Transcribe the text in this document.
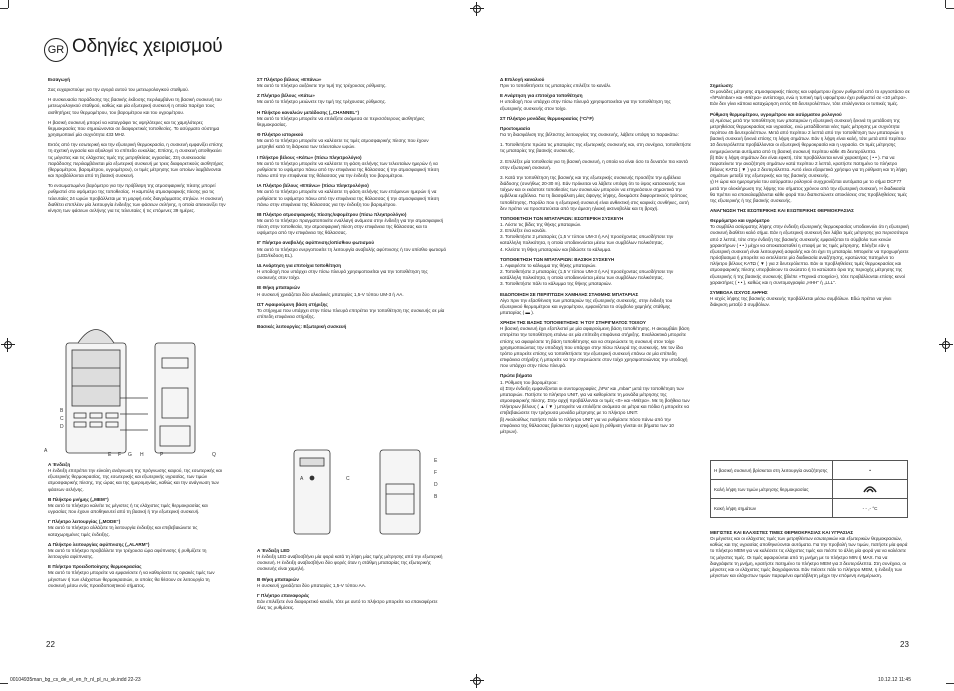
GR Οδηγίες χειρισμού

Εισαγωγή

Σας ευχαριστούμε για την αγορά αυτού του μετεωρολογικού σταθμού.

Η συσκευασία παράδοσης της βασικής έκδοσης περιλαμβάνει τη βασική συσκευή του μετεωρολογικού σταθμού, καθώς και μία εξωτερική συσκευή η οποία παρέχει τους αισθητήρες του θερμομέτρου, του βαρομέτρου και του υγρομέτρου.

Η βασική συσκευή μπορεί να καταγράφει τις υψηλότερες και τις χαμηλότερες θερμοκρασίες που σημειώνονται σε διαφορετικές τοποθεσίες. Το ασύρματο σύστημα χρησιμοποιεί μία συχνότητα 433 MHz.

Εκτός από την εσωτερική και την εξωτερική θερμοκρασία, η συσκευή εμφανίζει επίσης τη σχετική υγρασία και αξιολογεί το επίπεδο ευκολίας. Επίσης, η συσκευή αποθηκεύει τις μέγιστες και τις ελάχιστες τιμές της μετρηθείσας υγρασίας. Στη συσκευασία παράδοσης περιλαμβάνεται μία εξωτερική συσκευή με τρεις διαφορετικούς αισθητήρες (θερμομέτρου, βαρομέτρου, υγρομέτρου), οι τιμές μέτρησης των οποίων λαμβάνονται και προβάλλονται από τη βασική συσκευή.

Το ενσωματωμένο βαρόμετρο για την πρόβλεψη της ατμοσφαιρικής πίεσης μπορεί ρυθμιστεί στο υψόμετρο της τοποθεσίας. Η καμπύλη ατμοσφαιρικής πίεσης για τις τελευταίες 24 ωρών προβάλλεται με τη μορφή ενός διαγράμματος στηλών. Η συσκευή διαθέτει επιπλέον μία λειτουργία ένδειξης των φάσεων σελήνης, η οποία απεικονίζει την κίνηση των φάσεων σελήνης για τις τελευταίες ή τις επόμενες 39 ημέρες.

A
B
C
D
E F G H	P	Q

Α Ένδειξη
Η ένδειξη επιτρέπει την εύκολη ανάγνωση της πρόγνωσης καιρού, της εσωτερικής και εξωτερικής θερμοκρασίας, της εσωτερικής και εξωτερικής υγρασίας, των τιμών ατμοσφαιρικής πίεσης, της ώρας και της ημερομηνίας, καθώς και την ανάγνωση των φάσεων σελήνης.

Β Πλήκτρο μνήμης („MEM“)
Με αυτό το πλήκτρο καλείτε τις μέγιστες ή τις ελάχιστες τιμές θερμοκρασίας και υγρασίας που έχουν αποθηκευτεί από τη βασική ή την εξωτερική συσκευή.

Γ Πλήκτρο λειτουργίας („MODE“)
Με αυτό το πλήκτρο αλλάζετε τη λειτουργία ένδειξης και επιβεβαιώνετε τις καταχωρημένες τιμές ένδειξης.

Δ Πλήκτρο λειτουργίας αφύπνισης („ALARM“)
Με αυτό το πλήκτρο προβάλλετε την τρέχουσα ώρα αφύπνισης ή ρυθμίζετε τη λειτουργία αφύπνισης.

Ε Πλήκτρο προειδοποίησης θερμοκρασίας
Με αυτό το πλήκτρο μπορείτε να εμφανίσετε ή να καθορίσετε τις οριακές τιμές των μέγιστων ή των ελάχιστων θερμοκρασιών, οι οποίες θα θέσουν σε λειτουργία τη συσκευή μέσω ενός προειδοποιητικού σήματος.

ΣΤ Πλήκτρο βέλους «Επάνω»
Με αυτό το πλήκτρο αυξάνετε την τιμή της τρέχουσας ρύθμισης.

Ζ Πλήκτρο βέλους «Κάτω»
Με αυτό το πλήκτρο μειώνετε την τιμή της τρέχουσας ρύθμισης.

Η Πλήκτρο καναλιών μετάδοσης („CHANNEL“)
Με αυτό το πλήκτρο μπορείτε να επιλέξετε ανάμεσα σε περισσότερους αισθητήρες θερμοκρασίας.

Θ Πλήκτρο ιστορικού
Με αυτό το πλήκτρο μπορείτε να καλέσετε τις τιμές ατμοσφαιρικής πίεσης που έχουν μετρηθεί κατά τη διάρκεια των τελευταίων ωρών.

Ι Πλήκτρο βέλους «Κάτω» (πίσω πληκτρολόγιο)
Με αυτό το πλήκτρο μπορείτε να καλέσετε τη φάση σελήνης των τελευταίων ημερών ή να ρυθμίσετε το υψόμετρο πάνω από την επιφάνεια της θάλασσας ή την ατμοσφαιρική πίεση πάνω από την επιφάνεια της θάλασσας για την ένδειξη του βαρομέτρου.

ΙΑ Πλήκτρο βέλους «Επάνω» (πίσω πληκτρολόγιο)
Με αυτό το πλήκτρο μπορείτε να καλέσετε τη φάση σελήνης των επόμενων ημερών ή να ρυθμίσετε το υψόμετρο πάνω από την επιφάνεια της θάλασσας ή την ατμοσφαιρική πίεση πάνω στην επιφάνεια της θάλασσας για την ένδειξη του βαρομέτρου.

ΙΒ Πλήκτρο ατμοσφαιρικής πίεσης/υψομέτρου (πίσω πληκτρολόγιο)
Με αυτό το πλήκτρο πραγματοποιείτε εναλλαγή ανάμεσα στην ένδειξη για την ατμοσφαιρική πίεση στην τοποθεσία, την ατμοσφαιρική πίεση στην επιφάνεια της θάλασσας και το υψόμετρο από την επιφάνεια της θάλασσας.

ΙΓ Πλήκτρο αναβολής αφύπνισης/οπίσθιου φωτισμού
Με αυτό το πλήκτρο ενεργοποιείτε τη λειτουργία αναβολής αφύπνισης ή τον οπίσθιο φωτισμό (LED/έκδοση EL).

ΙΔ Ανάρτηση για επιτοίχια τοποθέτηση
Η υποδοχή που υπάρχει στην πίσω πλευρά χρησιμοποιείται για την τοποθέτηση της συσκευής στον τοίχο.

ΙΕ Θήκη μπαταριών
Η συσκευή χρειάζεται δύο αλκαλικές μπαταρίες 1,5-V τύπου UM-3 ή AA.

ΙΣΤ Αφαιρούμενη βάση στήριξης
Το στήριγμα που υπάρχει στην πίσω πλευρά επιτρέπει την τοποθέτηση της συσκευής σε μία επίπεδη επιφάνεια στήριξης.

Βασικές λειτουργίες: Εξωτερική συσκευή

A	C
E
F
D
B

Α Ένδειξη LED
Η ένδειξη LED αναβοσβήνει μία φορά κατά τη λήψη μίας τιμής μέτρησης από την εξωτερική συσκευή. Η ένδειξη αναβοσβήνει δύο φορές όταν η στάθμη μπαταρίας της εξωτερικής συσκευής είναι χαμηλή.

Β Θήκη μπαταριών
Η συσκευή χρειάζεται δύο μπαταρίες 1,5-V τύπου ΑΑ.

Γ Πλήκτρο επαναφοράς
Εάν επιλέξετε ένα διαφορετικό κανάλι, τότε με αυτό το πλήκτρο μπορείτε να επαναφέρετε όλες τις ρυθμίσεις.

Δ Επιλογή καναλιού
Πριν το τοποθετήσετε τις μπαταρίες επιλέξτε το κανάλι.

Ε Ανάρτηση για επιτοίχια τοποθέτηση
Η υποδοχή που υπάρχει στην πίσω πλευρά χρησιμοποιείται για την τοποθέτηση της εξωτερικής συσκευής στον τοίχο.

ΣΤ Πλήκτρο μονάδας θερμοκρασίας (°C/°F)

Προετοιμασία
Για τη διασφάλιση της βέλτιστης λειτουργίας της συσκευής, λάβετε υπόψη τα παρακάτω:

1. Τοποθετήστε πρώτα τις μπαταρίες της εξωτερικής συσκευής και, στη συνέχεια, τοποθετήστε τις μπαταρίες της βασικής συσκευής.

2. Επιλέξτε μία τοποθεσία για τη βασική συσκευή, η οποία να είναι όσο το δυνατόν πιο κοντά στην εξωτερική συσκευή.

3. Κατά την τοποθέτηση της βασικής και της εξωτερικής συσκευής προσέξτε την εμβέλεια διάδοσης (συνήθως 20-30 m). Εάν πρόκειται να λάβετε υπόψη ότι το ύψος κατασκευής των τοίχων και οι εκάστοτε τοποθεσίες των συσκευών μπορούν να επηρεάσουν σημαντικά την εμβέλεια εμβέλεια. Για τη διασφάλιση μίας άψογης λήψης, δοκιμάστε διαφορετικούς τρόπους τοποθέτησης. Παρόλο που η εξωτερική συσκευή είναι ανθεκτική στις καιρικές συνθήκες, αυτή δεν πρέπει να προστατεύεται από την άμεση ηλιακή ακτινοβολία και τη βροχή.

ΤΟΠΟΘΕΤΗΣΗ ΤΩΝ ΜΠΑΤΑΡΙΩΝ: ΕΣΩΤΕΡΙΚΗ ΣΥΣΚΕΥΗ
1. Λύστε τις βίδες της θήκης μπαταριών.
2. Επιλέξτε ένα κανάλι.
3. Τοποθετήστε 2 μπαταρίες (1,5 V τύπου UM-3 ή ΑΑ) προσέχοντας οπωσδήποτε την καταλληλη πολικότητα, η οποία υποδεικνύεται μέσω των συμβόλων πολικότητας.
4. Κλείστε τη θήκη μπαταριών και βιδώστε το κάλυμμα.

ΤΟΠΟΘΕΤΗΣΗ ΤΩΝ ΜΠΑΤΑΡΙΩΝ: ΒΑΣΙΚΗ ΣΥΣΚΕΥΗ
1. Αφαιρέστε το κάλυμμα της θήκης μπαταριών.
2. Τοποθετήστε 2 μπαταρίες (1,5 V τύπου UM-3 ή ΑΑ) προσέχοντας οπωσδήποτε την κατάλληλη πολικότητα, η οποία υποδεικνύεται μέσω των συμβόλων πολικότητας.
3. Τοποθετήστε πάλι το κάλυμμα της θήκης μπαταριών.

ΕΙΔΟΠΟΙΗΣΗ ΣΕ ΠΕΡΙΠΤΩΣΗ ΧΑΜΗΛΗΣ ΣΤΑΘΜΗΣ ΜΠΑΤΑΡΙΑΣ
Λίγο πριν την εξασθένιση των μπαταριών της εξωτερικής συσκευής, στην ένδειξη του εξωτερικού θερμομέτρου και υγρομέτρου, εμφανίζεται το σύμβολο χαμηλής στάθμης μπαταρίας ( ▬ ).

ΧΡΗΣΗ ΤΗΣ ΒΑΣΗΣ ΤΟΠΟΘΕΤΗΣΗΣ Ή ΤΟΥ ΣΤΗΡΙΓΜΑΤΟΣ ΤΟΙΧΟΥ
Η βασική συσκευή έχει εξοπλιστεί με μία αφαιρούμενη βάση τοποθέτησης. Η ακουμβάει βάση επιτρέπει την τοποθέτηση επάνω σε μία επίπεδη επιφάνεια στήριξης. Εναλλακτικά μπορείτε επίσης να αφαιρέσετε τη βάση τοποθέτησης και να στερεώσετε τη συσκευή στον τοίχο χρησιμοποιώντας την υποδοχή που υπάρχει στην πίσω πλευρά της συσκευής. Με τον ίδιο τρόπο μπορείτε επίσης να τοποθετήσετε την εξωτερική συσκευή επάνω σε μία επίπεδη επιφάνεια στήριξης ή μπορείτε να την στερεώσετε στον τοίχο χρησιμοποιώντας την υποδοχή που υπάρχει στην πίσω πλευρά.

Πρώτα βήματα
1. Ρύθμιση του βαρομέτρου:
α) Στην ένδειξη εμφανίζονται οι συντομογραφίες „hPa“ και „mbar“ μετά την τοποθέτηση των μπαταριών. Πατήστε το πλήκτρο UNIT, για να καθορίσετε τη μονάδα μέτρησης της ατμοσφαιρικής πίεσης. Στην αρχή προβάλλονται οι τιμές «0» και «Μέτρα». Με τη βοήθεια των πλήκτρων βέλους ( ▲ / ▼ ) μπορείτε να επιλέξετε ανάμεσα σε μέτρα και πόδια ή μπορείτε να επιβεβαιώσετε την τρέχουσα μονάδα μέτρησης με το πλήκτρο UNIT.
β) Ακολούθως πατήστε πάλι το πλήκτρο UNIT για να ρυθμίσετε πόσο πάνω από την επιφάνεια της θάλασσας βρίσκεται η αρχική ώρα (η ρύθμιση γίνεται σε βήματα των 10 μέτρων).

Σημείωση:
Οι μονάδες μέτρησης ατμοσφαιρικής πίεσης και υψόμετρου έχουν ρυθμιστεί από το εργοστάσιο σε «hPa/mbar» και «Μέτρα» αντίστοιχα, ενώ η τυπική τιμή υψομέτρου έχει ρυθμιστεί σε «10 μέτρα». Εάν δεν γίνει κάποια καταχώρηση εντός 60 δευτερολέπτων, τότε επιλέγονται οι τυπικές τιμές.

Ρύθμιση θερμομέτρου, υγρομέτρου και ασύρματου ρολογιού
α) Αμέσως μετά την τοποθέτηση των μπαταριών η εξωτερική συσκευή ξεκινά τη μετάδοση της μετρηθείσας θερμοκρασίας και υγρασίας, ενώ μεταδίδονται νέες τιμές μέτρησης με συχνότητα περίπου 45 δευτερολέπτων. Μετά από περίπου 2 λεπτά από την τοποθέτηση των μπαταριών η βασική συσκευή ξεκινά επίσης τη λήψη σημάτων. Εάν η λήψη είναι καλή, τότε μετά από περίπου 10 δευτερόλεπτα προβάλλονται οι εξωτερική θερμοκρασία και η υγρασία. Οι τιμές μέτρησης ενημερώνονται αυτόματα από τη βασική συσκευή περίπου κάθε 45 δευτερόλεπτα.
β) Εάν η λήψη σημάτων δεν είναι εφικτή, τότε προβάλλονται κενοί χαρακτήρες ( • • ). Για να παρατείνετε την αναζήτηση σημάτων κατά περίπου 2 λεπτά, κρατήστε πατημένο το πλήκτρο βέλους ΚΑΤΩ ( ▼ ) για 2 δευτερόλεπτα. Αυτό είναι εξαιρετικά χρήσιμο για τη ρύθμιση και τη λήψη σημάτων μεταξύ της εξωτερικής και της βασικής συσκευής.
γ) Η ώρα και ημερομηνία του ασύρματου ρολογιού συγχρονίζεται αυτόματα με το σήμα DCF77 μετά την ολοκλήρωση της λήψης του σήματος χρόνου από την εξωτερική συσκευή. Η διαδικασία θα πρέπει να επαναλαμβάνεται κάθε φορά που διαπιστώνετε αποκλίσεις στις προβληθείσες τιμές της εξωτερικής ή της βασικής συσκευής.

ΑΝΑΓΝΩΣΗ ΤΗΣ ΕΣΩΤΕΡΙΚΗΣ ΚΑΙ ΕΞΩΤΕΡΙΚΗΣ ΘΕΡΜΟΚΡΑΣΙΑΣ

Θερμόμετρο και υγρόμετρο
Το συμβόλο ασύρματης λήψης στην ένδειξη εξωτερικής θερμοκρασίας υποδεικνύει ότι η εξωτερική συσκευή διαθέτει καλό σήμα. Εάν η εξωτερική συσκευή δεν λάβει τιμές μέτρησης για περισσότερο από 2 λεπτά, τότε στην ένδειξη της βασικής συσκευής εμφανίζεται το σύμβολο των κενών χαρακτήρων ( • • ) μέχρι να αποκατασταθεί η επαφή με τις τιμές μέτρησης. Ελέγξτε εάν η εξωτερική συσκευή είναι λειτουργική ασφαλής και ότι έχει τη μπαταρία. Μπορείτε να προχωρήσετε πρόσβασιμα ή μπορείτε να εκτελέσετε μία διαδικασία αναζήτησης, κρατώντας πατημένο το πλήκτρο βέλους ΚΑΤΩ ( ▼ ) για 2 δευτερόλεπτα. Εάν οι προβληθείσες τιμές θερμοκρασίας και ατμοσφαιρικής πίεσης υπερβαίνουν το ανώτατο ή το κατώτατο όριο της περιοχής μέτρησης της εξωτερικής ή της βασικής συσκευής (βλέπε «Τεχνικά στοιχεία»), τότε προβάλλονται επίσης κενοί χαρακτήρες ( • • ), καθώς και η συντομογραφία „ΗΗΗ“ ή „LLL“.

ΣΥΜΒΟΛΑ ΙΣΧΥΟΣ ΛΗΨΗΣ
Η ισχύς λήψης της βασικής συσκευής προβάλλεται μέσω συμβόλων. Εδώ πρέπει να γίνει διάκριση μεταξύ 3 συμβόλων.

Η βασική συσκευή βρίσκεται στη λειτουργία αναζήτησης	•
Καλή λήψη των τιμών μέτρησης θερμοκρασίας	
Κακή λήψη σημάτων	- - ,- °C

ΜΕΓΙΣΤΕΣ ΚΑΙ ΕΛΑΧΙΣΤΕΣ ΤΙΜΕΣ ΘΕΡΜΟΚΡΑΣΙΑΣ ΚΑΙ ΥΓΡΑΣΙΑΣ
Οι μέγιστες και οι ελάχιστες τιμές των μετρηθέντων εσωτερικών και εξωτερικών θερμοκρασιών, καθώς και της υγρασίας αποθηκεύονται αυτόματα. Για την προβολή των τιμών, πατήστε μία φορά το πλήκτρο MEM για να καλέσετε τις ελάχιστες τιμές και πιέστε το άλλη μία φορά για να καλέσετε τις μέγιστες τιμές. Οι τιμές αφαιρούνται από τη μνήμη με το πλήκτρο MIN ή MAX. Για να διαγράψετε τη μνήμη, κρατήστε πατημένο το πλήκτρο MEM για 3 δευτερόλεπτα. Στη συνέχεια, οι μέγιστες και οι ελάχιστες τιμές διαγράφονται. Εάν πιέσετε πάλι το πλήκτρο MEM, η ένδειξη των μέγιστων και ελάχιστων τιμών παραμένει αμετάβλητη μέχρι την επόμενη ενημέρωση.

22	23
00104935man_bg_cs_de_el_en_fr_nl_pl_ru_sk.indd 22-23	10.12.12 11:45
